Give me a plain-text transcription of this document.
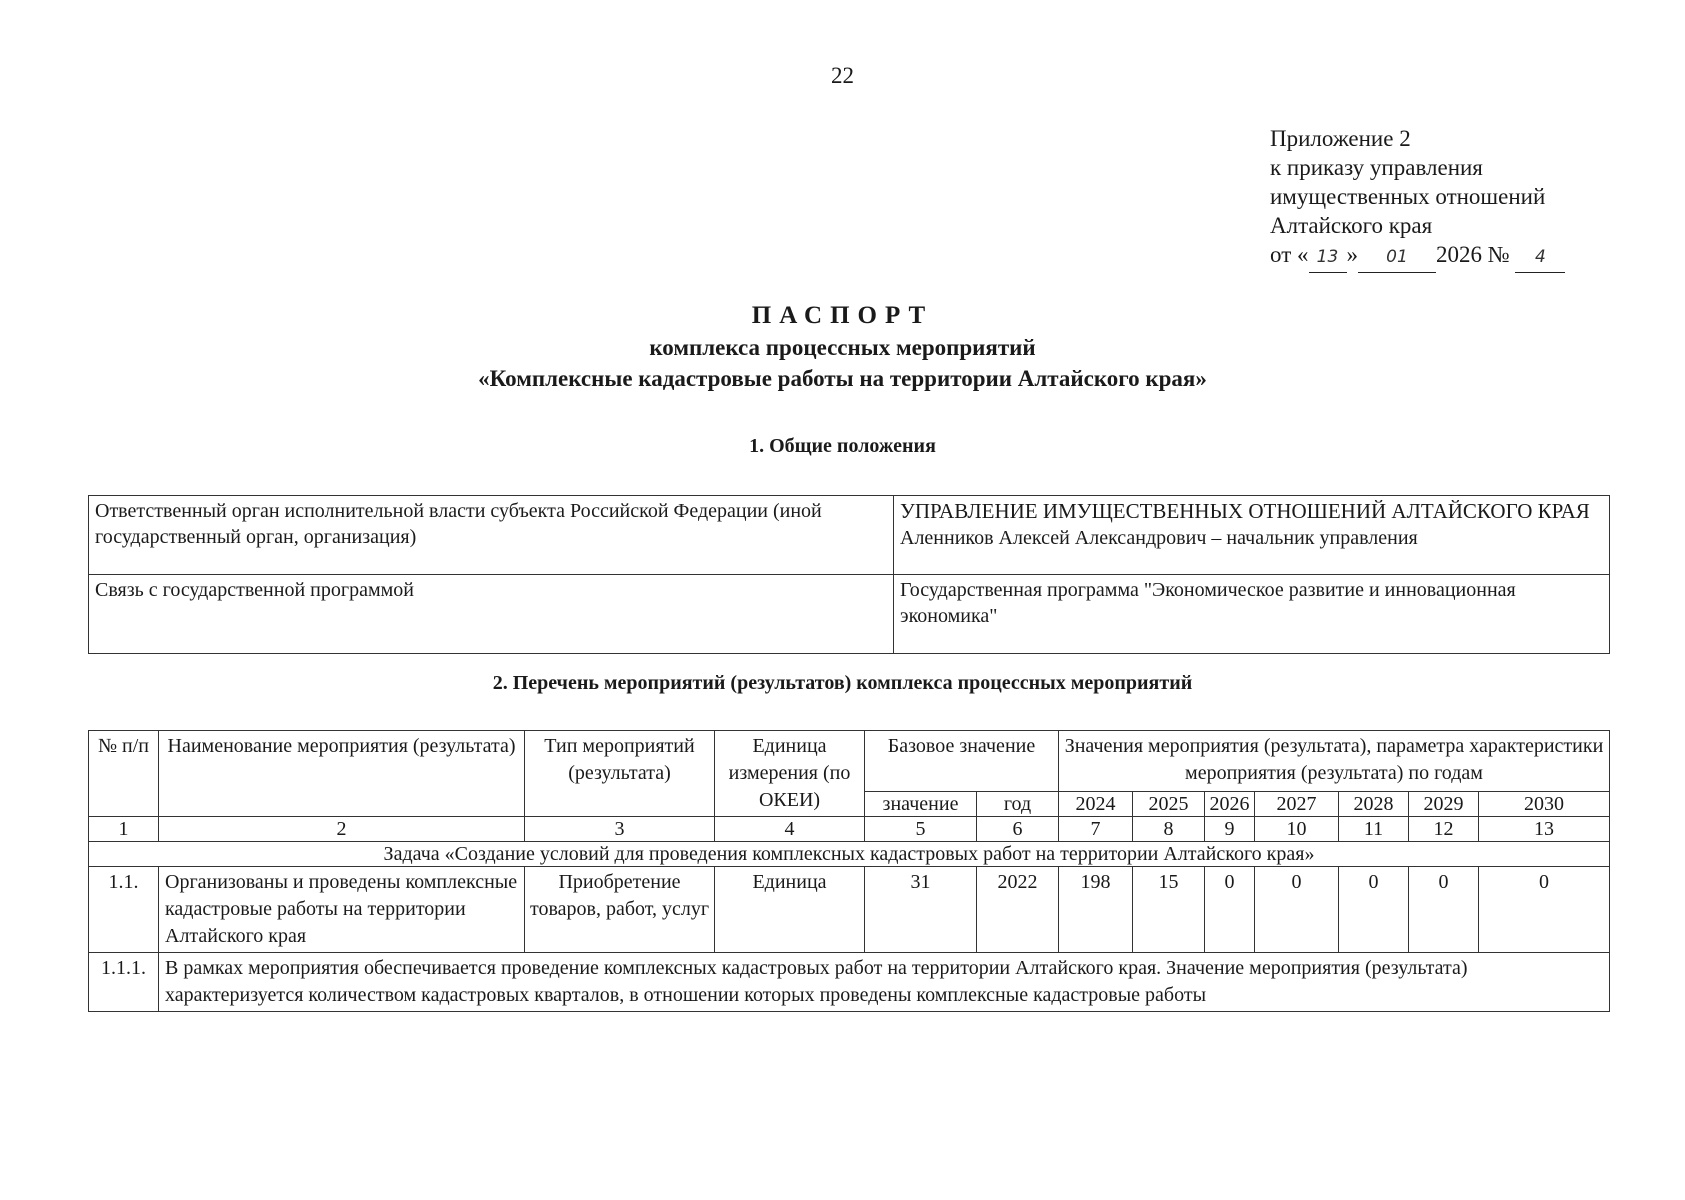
22
Приложение 2
к приказу управления
имущественных отношений
Алтайского края
от « 13 » 01 2026 № 4
ПАСПОРТ
комплекса процессных мероприятий
«Комплексные кадастровые работы на территории Алтайского края»
1. Общие положения
Ответственный орган исполнительной власти субъекта Российской Федерации (иной государственный орган, организация)	УПРАВЛЕНИЕ ИМУЩЕСТВЕННЫХ ОТНОШЕНИЙ АЛТАЙСКОГО КРАЯ
Аленников Алексей Александрович – начальник управления

Связь с государственной программой	Государственная программа "Экономическое развитие и инновационная экономика"
2. Перечень мероприятий (результатов) комплекса процессных мероприятий
№ п/п	Наименование мероприятия (результата)	Тип мероприятий (результата)	Единица измерения (по ОКЕИ)	Базовое значение		Значения мероприятия (результата), параметра характеристики мероприятия (результата) по годам						
				значение	год	2024	2025	2026	2027	2028	2029	2030
1	2	3	4	5	6	7	8	9	10	11	12	13
Задача «Создание условий для проведения комплексных кадастровых работ на территории Алтайского края»												
1.1.	Организованы и проведены комплексные кадастровые работы на территории Алтайского края	Приобретение товаров, работ, услуг	Единица	31	2022	198	15	0	0	0	0	0
1.1.1.	В рамках мероприятия обеспечивается проведение комплексных кадастровых работ на территории Алтайского края. Значение мероприятия (результата) характеризуется количеством кадастровых кварталов, в отношении которых проведены комплексные кадастровые работы											
